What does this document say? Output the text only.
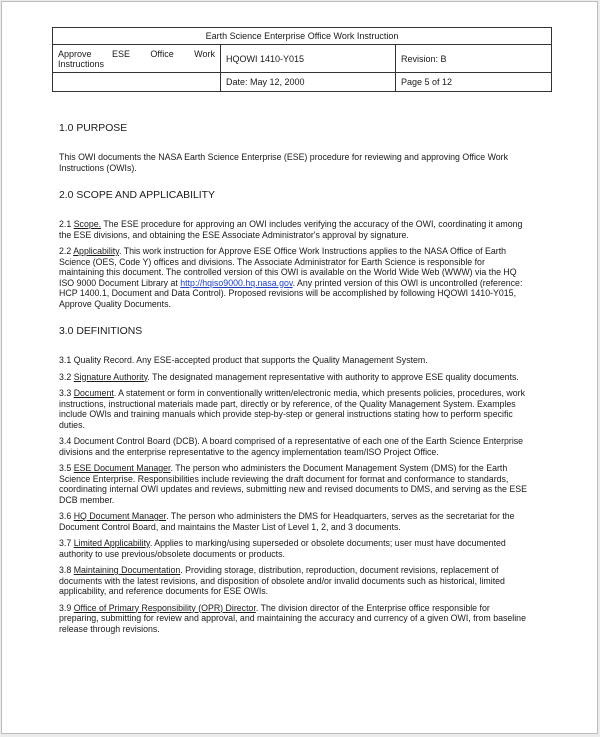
Earth Science Enterprise Office Work Instruction		

Approve ESE Office Work
Instructions	HQOWI 1410-Y015	Revision: B
	Date: May 12, 2000	Page 5 of 12
1.0 PURPOSE

This OWI documents the NASA Earth Science Enterprise (ESE) procedure for reviewing and approving Office Work Instructions (OWIs).

2.0 SCOPE AND APPLICABILITY

2.1 Scope. The ESE procedure for approving an OWI includes verifying the accuracy of the OWI, coordinating it among the ESE divisions, and obtaining the ESE Associate Administrator's approval by signature.

2.2 Applicability. This work instruction for Approve ESE Office Work Instructions applies to the NASA Office of Earth Science (OES, Code Y) offices and divisions. The Associate Administrator for Earth Science is responsible for maintaining this document. The controlled version of this OWI is available on the World Wide Web (WWW) via the HQ ISO 9000 Document Library at http://hqiso9000.hq.nasa.gov. Any printed version of this OWI is uncontrolled (reference: HCP 1400.1, Document and Data Control). Proposed revisions will be accomplished by following HQOWI 1410-Y015, Approve Quality Documents.

3.0 DEFINITIONS

3.1 Quality Record. Any ESE-accepted product that supports the Quality Management System.

3.2 Signature Authority. The designated management representative with authority to approve ESE quality documents.

3.3 Document. A statement or form in conventionally written/electronic media, which presents policies, procedures, work instructions, instructional materials made part, directly or by reference, of the Quality Management System. Examples include OWIs and training manuals which provide step-by-step or general instructions stating how to perform specific duties.

3.4 Document Control Board (DCB). A board comprised of a representative of each one of the Earth Science Enterprise divisions and the enterprise representative to the agency implementation team/ISO Project Office.

3.5 ESE Document Manager. The person who administers the Document Management System (DMS) for the Earth Science Enterprise. Responsibilities include reviewing the draft document for format and conformance to standards, coordinating internal OWI updates and reviews, submitting new and revised documents to DMS, and serving as the ESE DCB member.

3.6 HQ Document Manager. The person who administers the DMS for Headquarters, serves as the secretariat for the Document Control Board, and maintains the Master List of Level 1, 2, and 3 documents.

3.7 Limited Applicability. Applies to marking/using superseded or obsolete documents; user must have documented authority to use previous/obsolete documents or products.

3.8 Maintaining Documentation. Providing storage, distribution, reproduction, document revisions, replacement of documents with the latest revisions, and disposition of obsolete and/or invalid documents such as historical, limited applicability, and reference documents for ESE OWIs.

3.9 Office of Primary Responsibility (OPR) Director. The division director of the Enterprise office responsible for preparing, submitting for review and approval, and maintaining the accuracy and currency of a given OWI, from baseline release through revisions.
